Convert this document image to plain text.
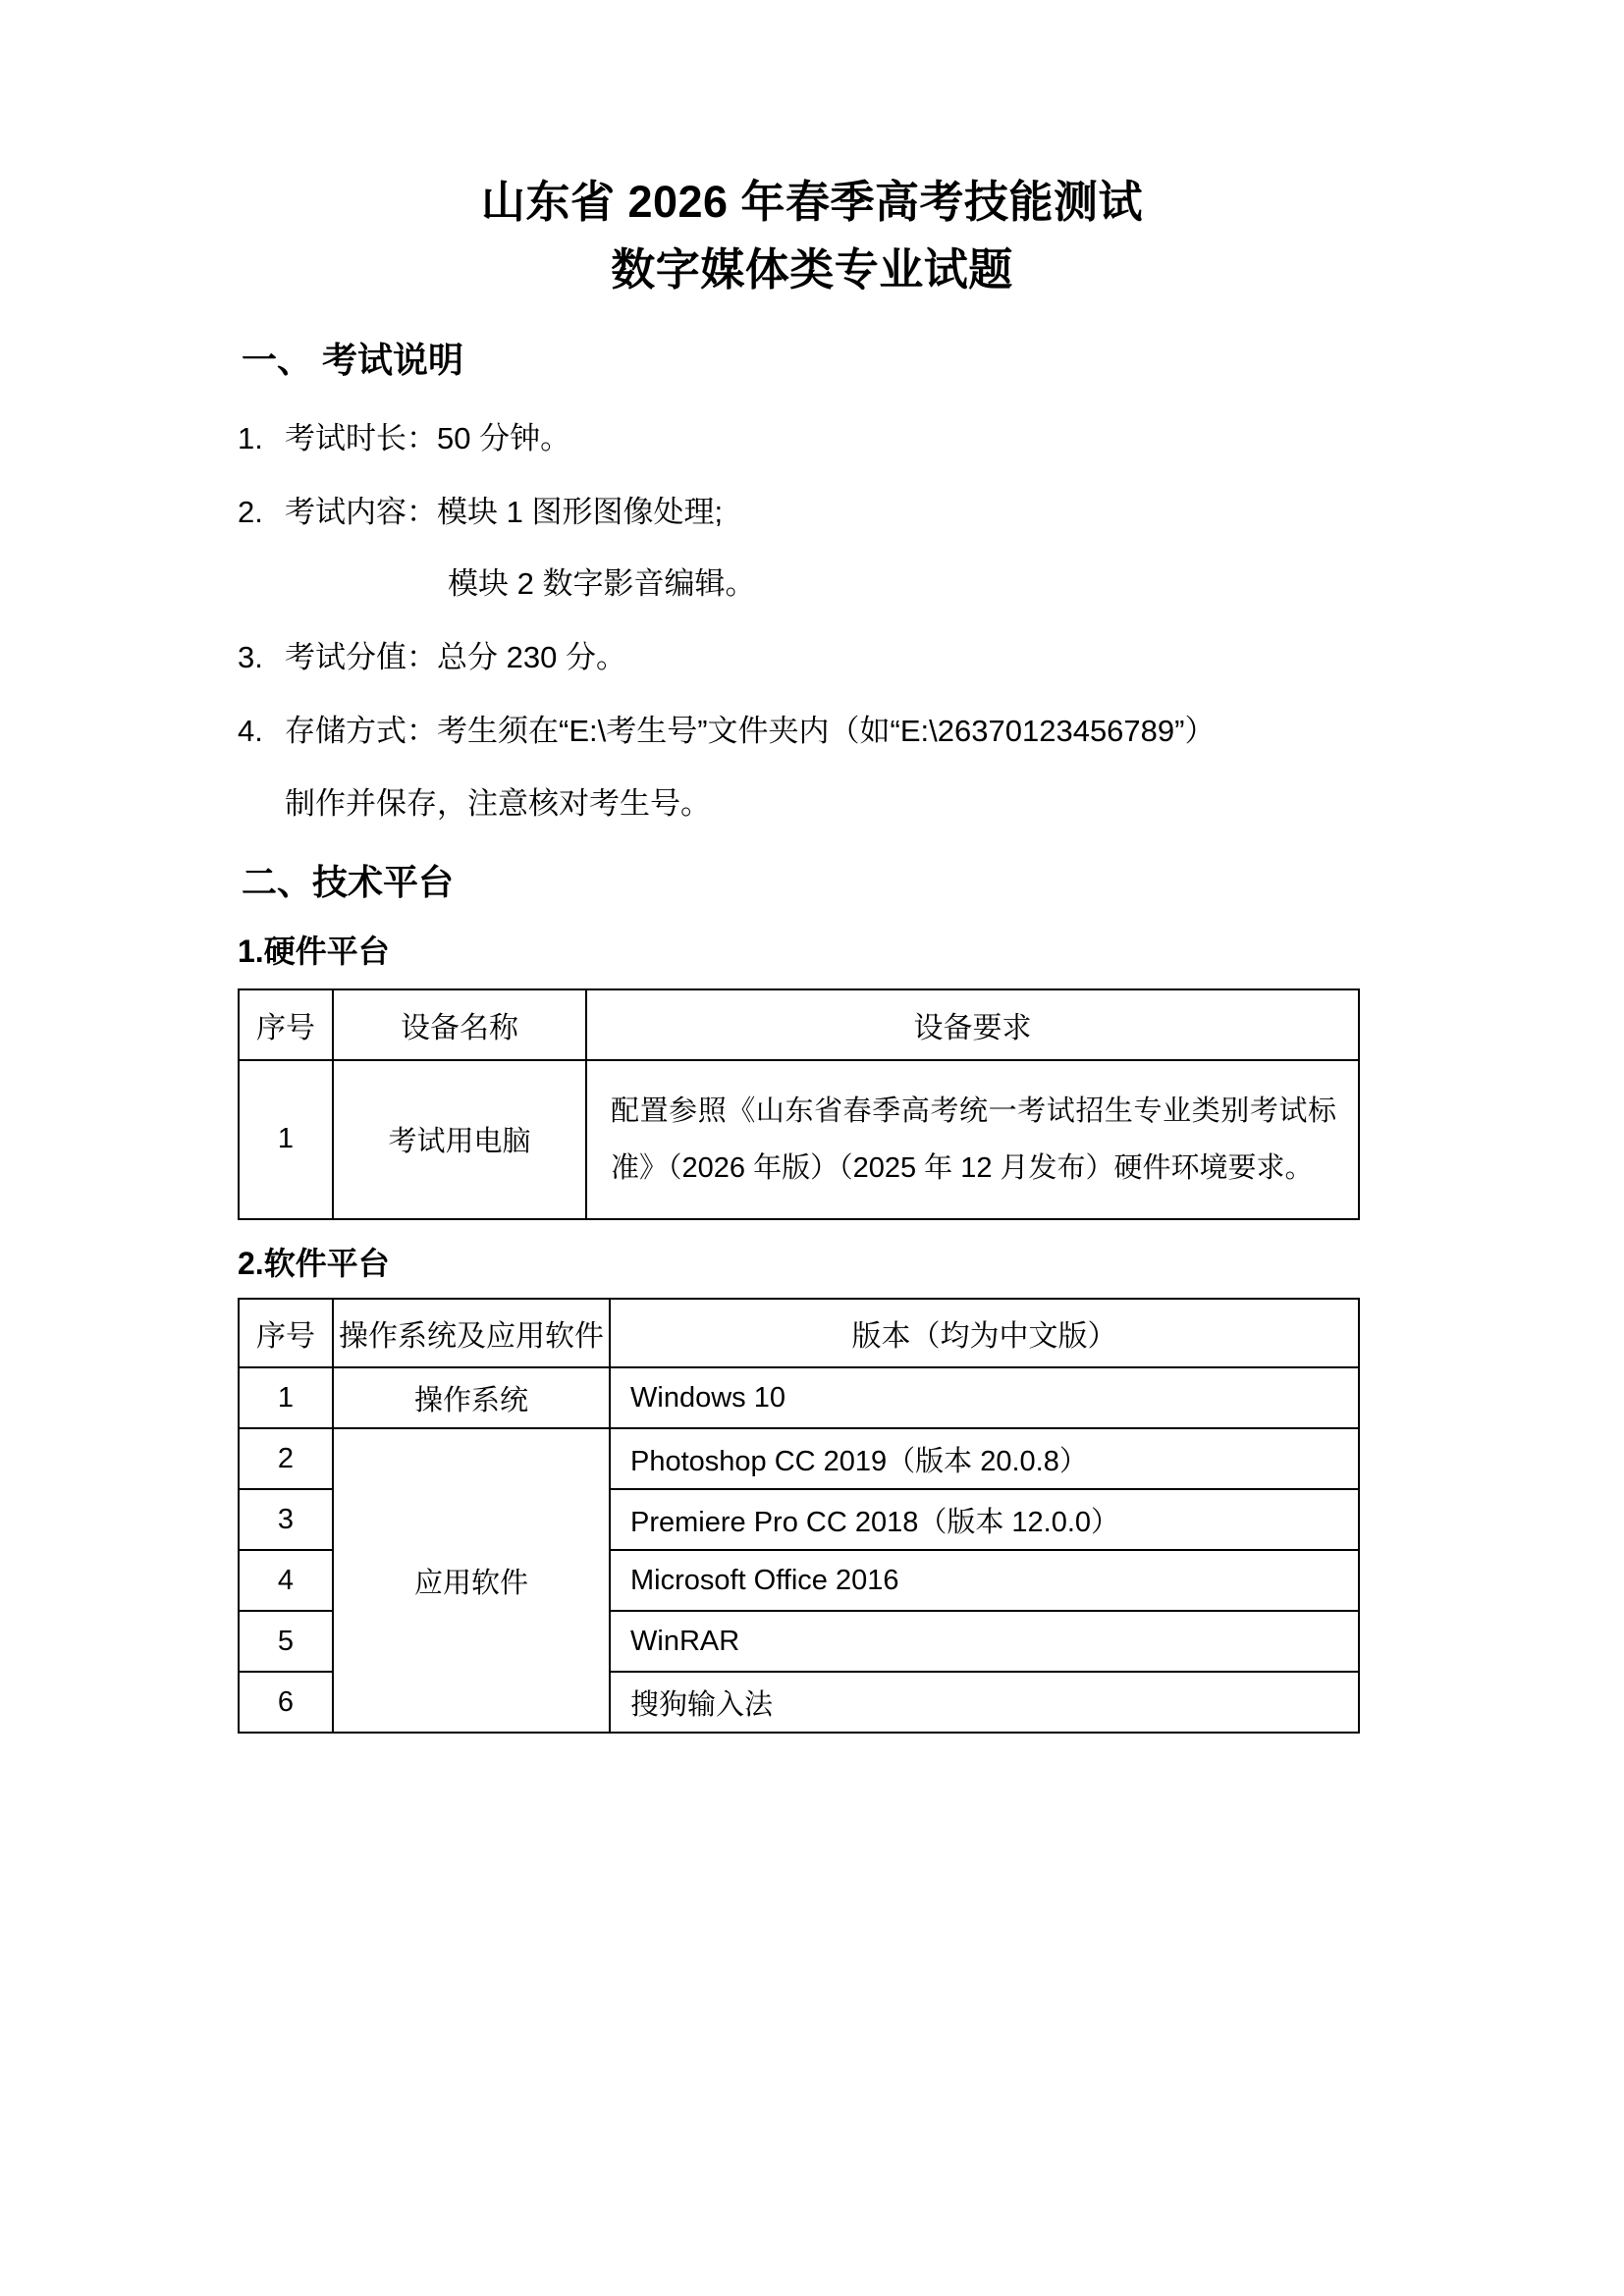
山东省 2026 年春季高考技能测试
数字媒体类专业试题
一、 考试说明
1. 考试时长：50 分钟。
2. 考试内容：模块 1 图形图像处理;
模块 2 数字影音编辑。
3. 考试分值：总分 230 分。
4. 存储方式：考生须在“E:\考生号”文件夹内（如“E:\26370123456789”）
制作并保存，注意核对考生号。
二、技术平台
1.硬件平台
序号	设备名称	设备要求
1	考试用电脑	配置参照《山东省春季高考统一考试招生专业类别考试标准》（2026 年版）（2025 年 12 月发布）硬件环境要求。
2.软件平台
序号	操作系统及应用软件	版本（均为中文版）
1	操作系统	Windows 10
2	应用软件	Photoshop CC 2019（版本 20.0.8）
3		Premiere Pro CC 2018（版本 12.0.0）
4		Microsoft Office 2016
5		WinRAR
6		搜狗输入法
